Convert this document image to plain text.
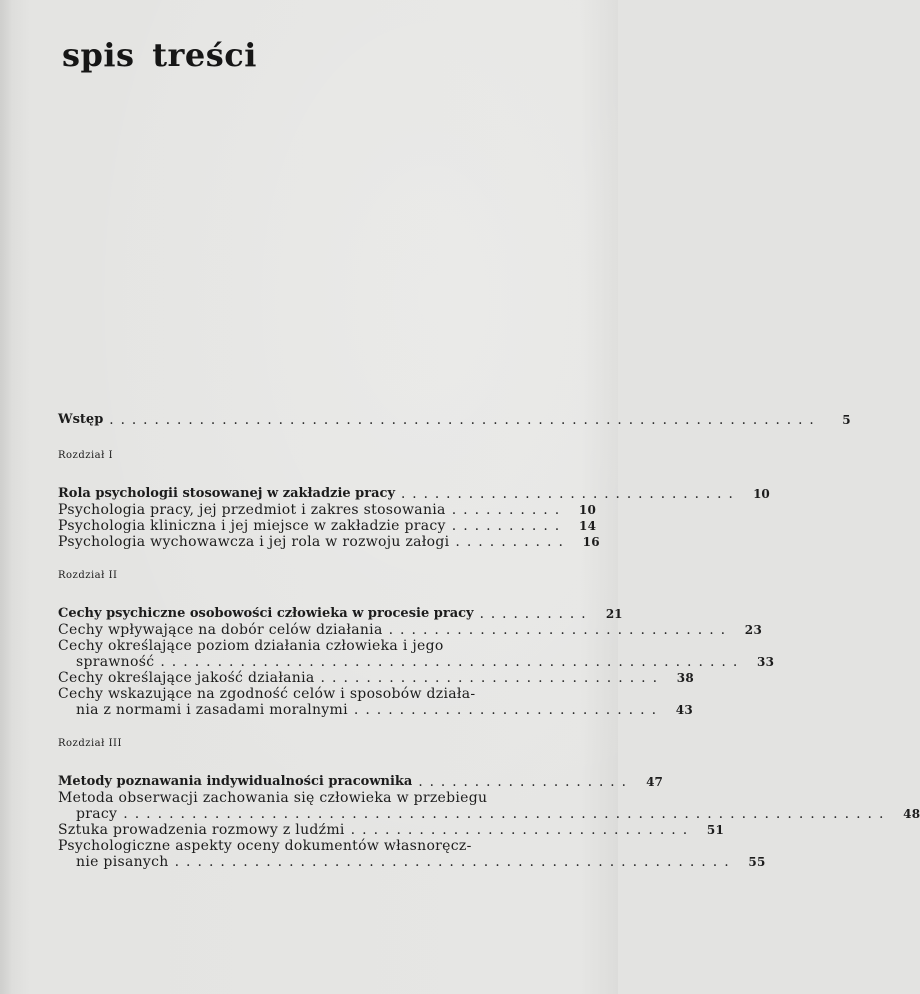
spis treści
Wstęp ...............................................................	5

Rozdział I

Rola psychologii stosowanej w zakładzie pracy ..............................	10
Psychologia pracy, jej przedmiot i zakres stosowania ..........	10
Psychologia kliniczna i jej miejsce w zakładzie pracy ..........	14
Psychologia wychowawcza i jej rola w rozwoju załogi ..........	16

Rozdział II

Cechy psychiczne osobowości człowieka w procesie pracy ..........	21
Cechy wpływające na dobór celów działania ..............................	23
Cechy określające poziom działania człowieka i jego
sprawność ...................................................	33
Cechy określające jakość działania ..............................	38
Cechy wskazujące na zgodność celów i sposobów działa-
nia z normami i zasadami moralnymi ...........................	43

Rozdział III

Metody poznawania indywidualności pracownika ...................	47
Metoda obserwacji zachowania się człowieka w przebiegu
pracy ...................................................................	48
Sztuka prowadzenia rozmowy z ludźmi ..............................	51
Psychologiczne aspekty oceny dokumentów własnoręcz-
nie pisanych .................................................	55
